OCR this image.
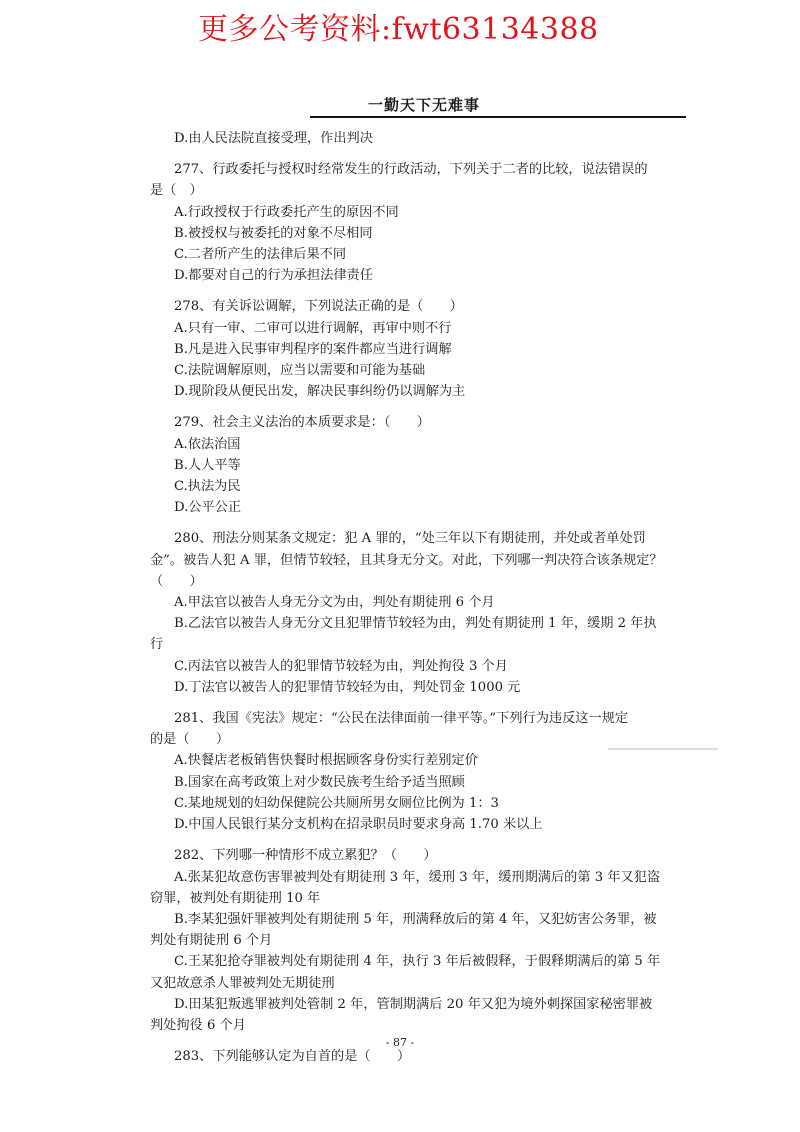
更多公考资料:fwt63134388
一勤天下无难事
D.由人民法院直接受理，作出判决
277、行政委托与授权时经常发生的行政活动，下列关于二者的比较，说法错误的
是（　）
A.行政授权于行政委托产生的原因不同
B.被授权与被委托的对象不尽相同
C.二者所产生的法律后果不同
D.都要对自己的行为承担法律责任
278、有关诉讼调解，下列说法正确的是（　　）
A.只有一审、二审可以进行调解，再审中则不行
B.凡是进入民事审判程序的案件都应当进行调解
C.法院调解原则，应当以需要和可能为基础
D.现阶段从便民出发，解决民事纠纷仍以调解为主
279、社会主义法治的本质要求是：（　　）
A.依法治国
B.人人平等
C.执法为民
D.公平公正
280、刑法分则某条文规定：犯 A 罪的，“处三年以下有期徒刑，并处或者单处罚
金”。被告人犯 A 罪，但情节较轻，且其身无分文。对此，下列哪一判决符合该条规定？
（　　）
A.甲法官以被告人身无分文为由，判处有期徒刑 6 个月
B.乙法官以被告人身无分文且犯罪情节较轻为由，判处有期徒刑 1 年，缓期 2 年执
行
C.丙法官以被告人的犯罪情节较轻为由，判处拘役 3 个月
D.丁法官以被告人的犯罪情节较轻为由，判处罚金 1000 元
281、我国《宪法》规定：“公民在法律面前一律平等。”下列行为违反这一规定
的是（　　）
A.快餐店老板销售快餐时根据顾客身份实行差别定价
B.国家在高考政策上对少数民族考生给予适当照顾
C.某地规划的妇幼保健院公共厕所男女厕位比例为 1：3
D.中国人民银行某分支机构在招录职员时要求身高 1.70 米以上
282、下列哪一种情形不成立累犯？（　　）
A.张某犯故意伤害罪被判处有期徒刑 3 年，缓刑 3 年，缓刑期满后的第 3 年又犯盗
窃罪，被判处有期徒刑 10 年
B.李某犯强奸罪被判处有期徒刑 5 年，刑满释放后的第 4 年，又犯妨害公务罪，被
判处有期徒刑 6 个月
C.王某犯抢夺罪被判处有期徒刑 4 年，执行 3 年后被假释，于假释期满后的第 5 年
又犯故意杀人罪被判处无期徒刑
D.田某犯叛逃罪被判处管制 2 年，管制期满后 20 年又犯为境外刺探国家秘密罪被
判处拘役 6 个月
283、下列能够认定为自首的是（　　）
- 87 -
